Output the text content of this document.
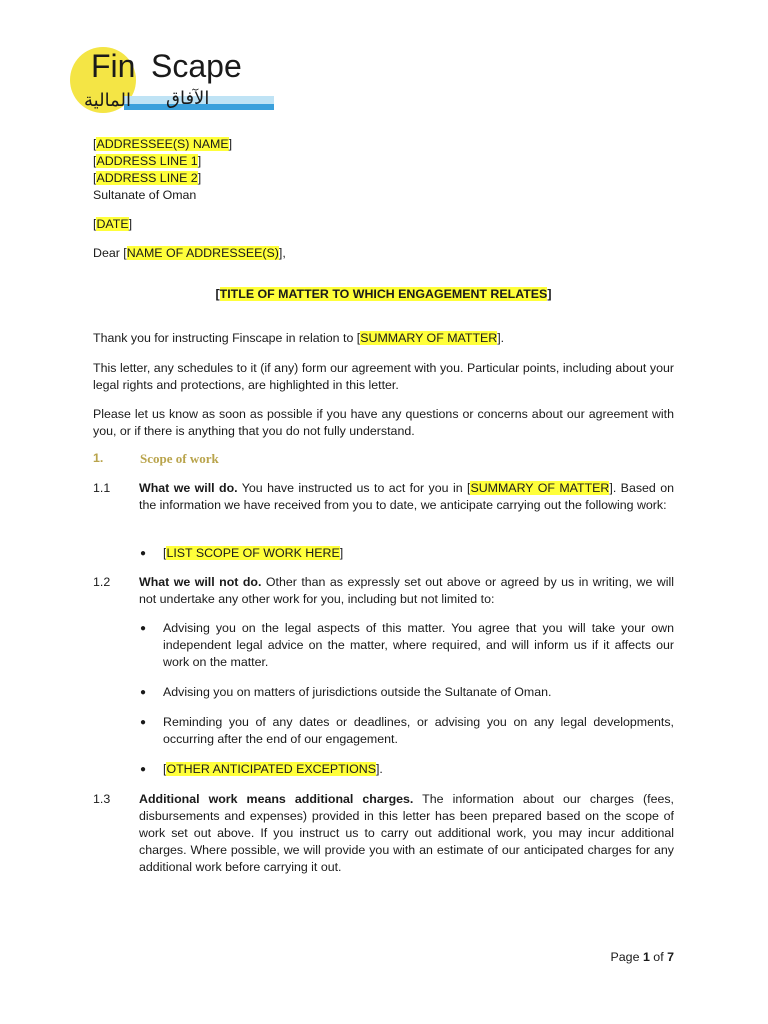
Fin Scape
المالية الآفاق
[ADDRESSEE(S) NAME]
[ADDRESS LINE 1]
[ADDRESS LINE 2]
Sultanate of Oman
[DATE]
Dear [NAME OF ADDRESSEE(S)],
[TITLE OF MATTER TO WHICH ENGAGEMENT RELATES]
Thank you for instructing Finscape in relation to [SUMMARY OF MATTER].
This letter, any schedules to it (if any) form our agreement with you. Particular points, including about your legal rights and protections, are highlighted in this letter.
Please let us know as soon as possible if you have any questions or concerns about our agreement with you, or if there is anything that you do not fully understand.
1.	Scope of work
1.1 What we will do. You have instructed us to act for you in [SUMMARY OF MATTER]. Based on the information we have received from you to date, we anticipate carrying out the following work:
● [LIST SCOPE OF WORK HERE]
1.2 What we will not do. Other than as expressly set out above or agreed by us in writing, we will not undertake any other work for you, including but not limited to:
● Advising you on the legal aspects of this matter. You agree that you will take your own independent legal advice on the matter, where required, and will inform us if it affects our work on the matter.
● Advising you on matters of jurisdictions outside the Sultanate of Oman.
● Reminding you of any dates or deadlines, or advising you on any legal developments, occurring after the end of our engagement.
● [OTHER ANTICIPATED EXCEPTIONS].
1.3 Additional work means additional charges. The information about our charges (fees, disbursements and expenses) provided in this letter has been prepared based on the scope of work set out above. If you instruct us to carry out additional work, you may incur additional charges. Where possible, we will provide you with an estimate of our anticipated charges for any additional work before carrying it out.
Page 1 of 7
